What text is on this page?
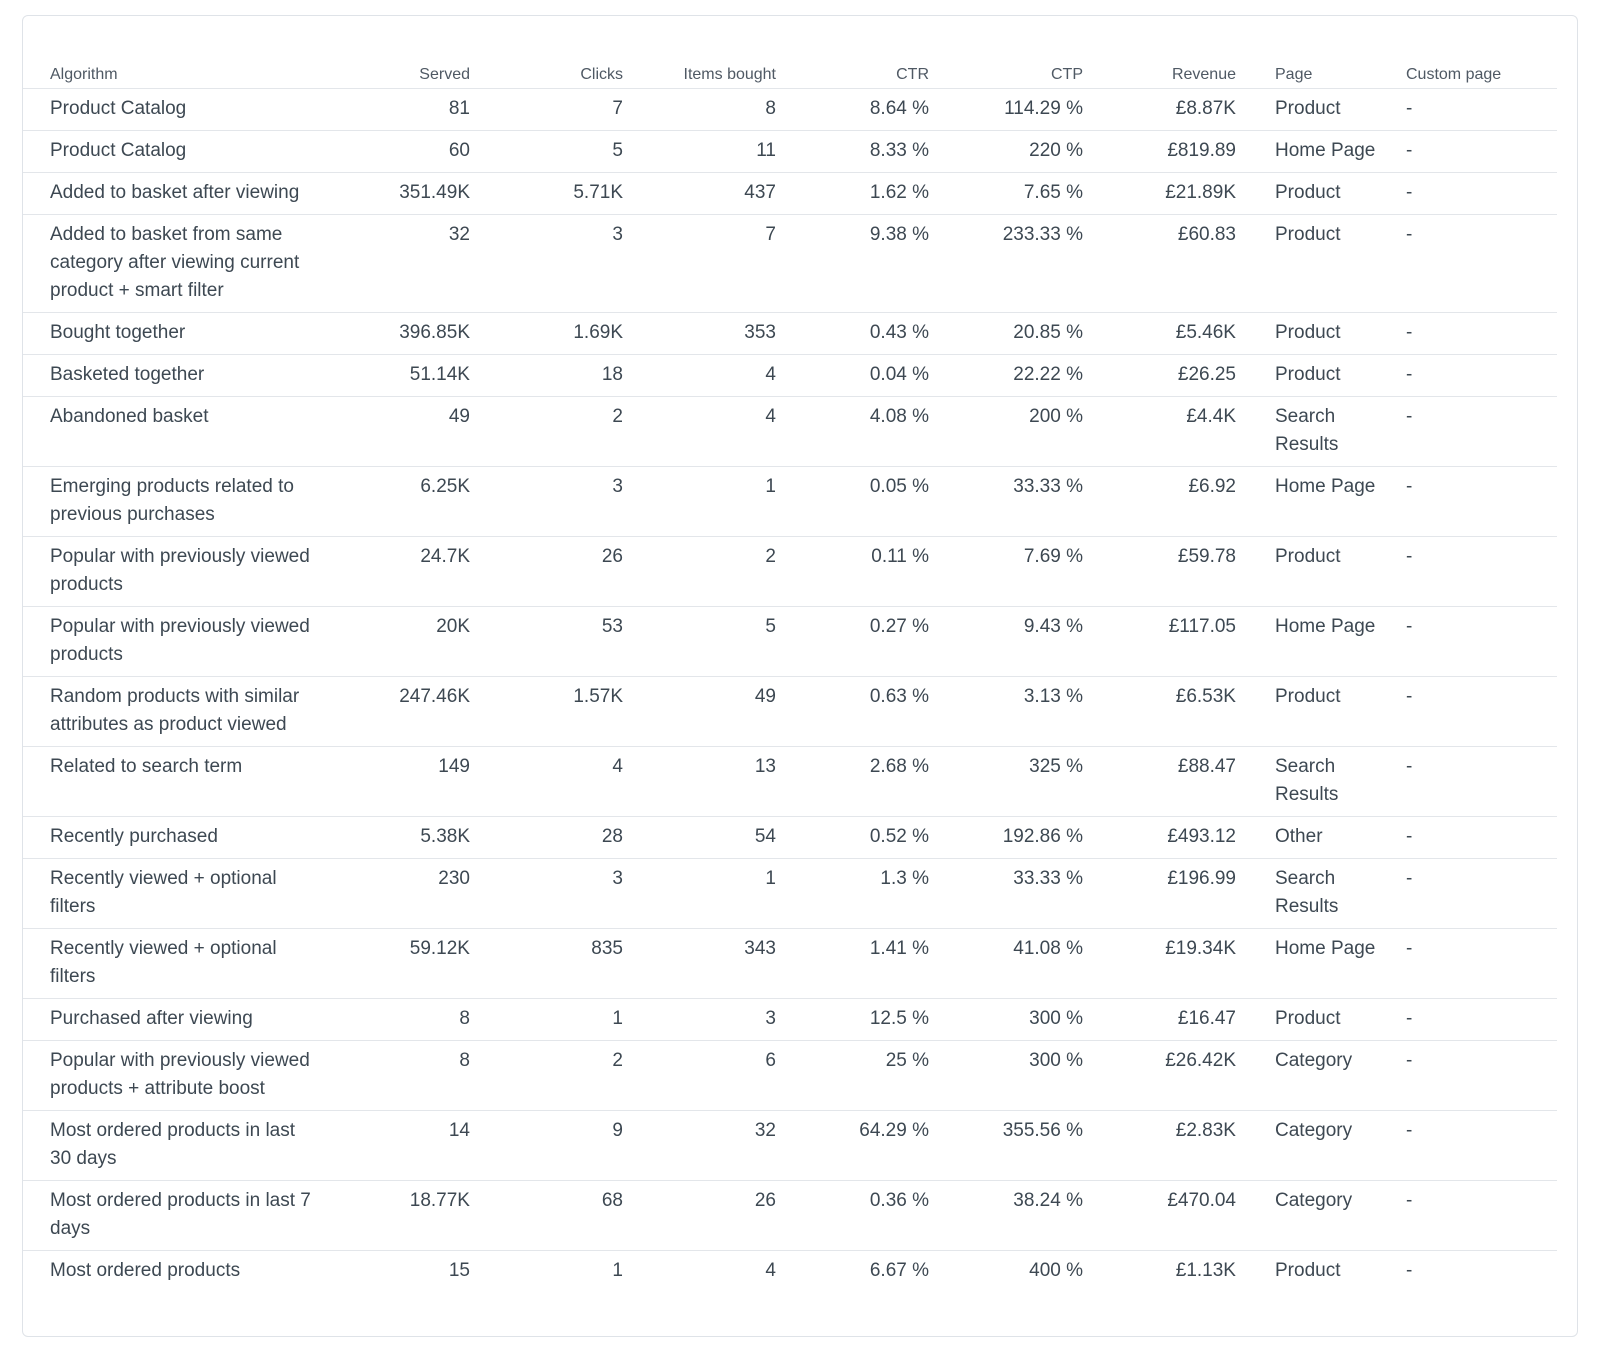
Algorithm	Served	Clicks	Items bought	CTR	CTP	Revenue	Page	Custom page
Product Catalog	81	7	8	8.64 %	114.29 %	£8.87K	Product	-
Product Catalog	60	5	11	8.33 %	220 %	£819.89	Home Page	-
Added to basket after viewing	351.49K	5.71K	437	1.62 %	7.65 %	£21.89K	Product	-
Added to basket from same category after viewing current product + smart filter	32	3	7	9.38 %	233.33 %	£60.83	Product	-
Bought together	396.85K	1.69K	353	0.43 %	20.85 %	£5.46K	Product	-
Basketed together	51.14K	18	4	0.04 %	22.22 %	£26.25	Product	-
Abandoned basket	49	2	4	4.08 %	200 %	£4.4K	Search Results	-
Emerging products related to previous purchases	6.25K	3	1	0.05 %	33.33 %	£6.92	Home Page	-
Popular with previously viewed products	24.7K	26	2	0.11 %	7.69 %	£59.78	Product	-
Popular with previously viewed products	20K	53	5	0.27 %	9.43 %	£117.05	Home Page	-
Random products with similar attributes as product viewed	247.46K	1.57K	49	0.63 %	3.13 %	£6.53K	Product	-
Related to search term	149	4	13	2.68 %	325 %	£88.47	Search Results	-
Recently purchased	5.38K	28	54	0.52 %	192.86 %	£493.12	Other	-
Recently viewed + optional filters	230	3	1	1.3 %	33.33 %	£196.99	Search Results	-
Recently viewed + optional filters	59.12K	835	343	1.41 %	41.08 %	£19.34K	Home Page	-
Purchased after viewing	8	1	3	12.5 %	300 %	£16.47	Product	-
Popular with previously viewed products + attribute boost	8	2	6	25 %	300 %	£26.42K	Category	-
Most ordered products in last 30 days	14	9	32	64.29 %	355.56 %	£2.83K	Category	-
Most ordered products in last 7 days	18.77K	68	26	0.36 %	38.24 %	£470.04	Category	-
Most ordered products	15	1	4	6.67 %	400 %	£1.13K	Product	-
